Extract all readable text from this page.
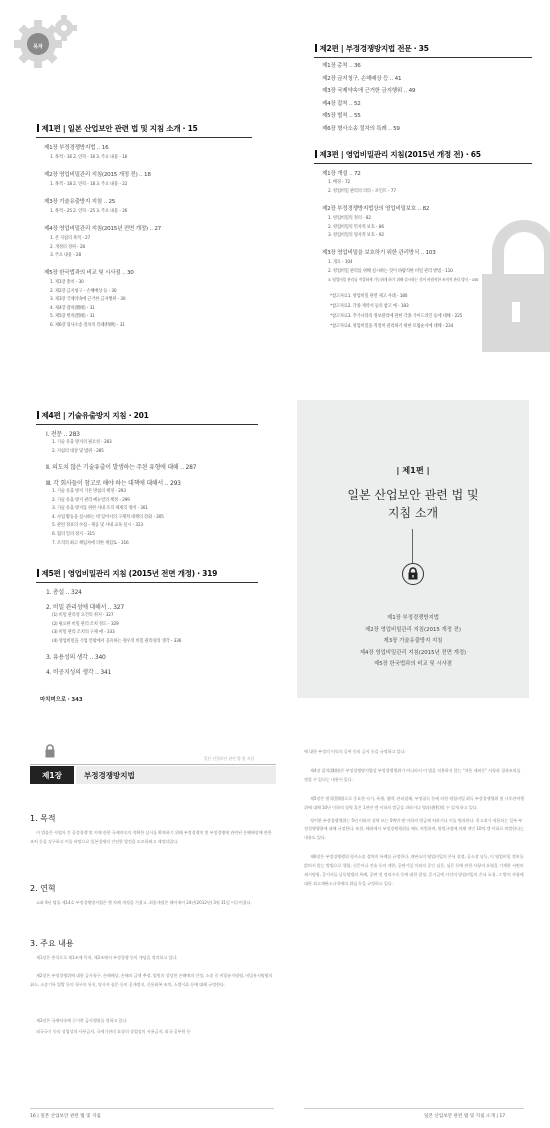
목차
제1편 | 일본 산업보안 관련 법 및 지침 소개・15
제1장 부정경쟁방지법 ‥ 16
1. 목적・16 2. 연혁・16 3. 주요 내용・16
제2장 영업비밀관리 지침(2015 개정 전) ‥ 18
1. 목적・18 2. 연혁・18 3. 주요 내용・22
제3장 기술유출방지 지침 ‥ 25
1. 목적・25 2. 연혁・25 3. 주요 내용・26
제4장 영업비밀관리 지침(2015년 전면 개정) ‥ 27
1. 본 지침의 목적・27
2. 개정의 경위・28
3. 주요 내용・28
제5장 한국법과의 비교 및 시사점 ‥ 30
1. 제1장 총칙・30
2. 제2장 금지청구・손해배상 등・30
3. 제3장 국제약속에 근거한 금지행위・30
4. 제4장 잡칙(雜則)・31
5. 제5장 벌칙(罰則)・31
6. 제6장 형사소송 절차의 특례(特例)・31
제2편 | 부정경쟁방지법 전문・35
제1장 총칙 ‥ 36
제2장 금지청구, 손해배상 등 ‥ 41
제3장 국제약속에 근거한 금지행위 ‥ 49
제4장 잡칙 ‥ 52
제5장 벌칙 ‥ 55
제6장 형사소송 절차의 특례 ‥ 59
제3편 | 영업비밀관리 지침(2015년 개정 전)・65
제1장 개설 ‥ 72
1. 배경・72
2. 영업비밀 관리의 의의・포인트・77
제2장 부정경쟁방지법상의 영업비밀보호 ‥ 82
1. 영업비밀의 정의・82
2. 영업비밀의 민사적 보호・86
3. 영업비밀의 형사적 보호・92
제3장 영업비밀을 보호하기 위한 관리방식 ‥ 103
1. 개요・104
2. 영업비밀 관리를 위해 실시하는 것이 바람직한 비밀 관리 방법・110
3. 영업비밀 관리를 적절하게 기능하게 하기 위해 실시하는 것이 바람직한 조직적 관리 방식・155
*참고자료1. 영업비밀 관련 제고 사례・180
*참고자료2. 각종 계약서 등의 참고 예・183
*참고자료3. 추가나라의 정보관리에 관한 각종 가이드라인 등에 대해・225
*참고자료4. 영업비밀을 적절히 관리하기 위한 모범순서에 대해・234
제4편 | 기술유출방지 지침・201
Ⅰ. 전문 ‥ 283
1. 기술 유출 방지의 필요성・283
2. 지침의 대상 및 범위・285
Ⅱ. 의도치 않은 기술유출이 발생하는 주된 유형에 대해 ‥ 287
Ⅲ. 각 회사들이 참고로 해야 하는 대책에 대해서 ‥ 293
1. 기술 유출 방지 기본 방침의 책정・293
2. 기술 유출 방지 관리 메뉴얼의 책정・299
3. 기술 유출 방지를 위한 사내 조직 체제의 정비・301
4. 사업 활동을 실시하는 데 있어서의 구체적 대책의 강화・305
5. 관련 정보의 수집・제공 및 사내 교육 실시・313
6. 협의 일의 정지・315
7. 조직의 최고 책임자에 의한 재검토・316
제5편 | 영업비밀관리 지침 (2015년 전면 개정)・319
1. 총설 ‥ 324
2. 비밀 관리성에 대해서 ‥ 327
(1) 비밀 관리성 요건의 취지・327
(2) 필요한 비밀 관리 조치 정도・329
(3) 비밀 관리 조치의 구체 예・333
(4) 영업비밀을 기업 안팎에서 공유하는 경우의 비밀 관리성의 생각・336
3. 유용성의 생각 ‥ 340
4. 비공지성의 생각 ‥ 341
마치며으로・343
| 제1편 |
일본 산업보안 관련 법 및
지침 소개
제1장 부정경쟁방지법
제2장 영업비밀관리 지침(2015 개정 전)
제3장 기술유출방지 지침
제4장 영업비밀관리 지침(2015년 전면 개정)
제5장 한국법과의 비교 및 시사점
일본 산업보안 관련 법 및 지침
제1장	부정경쟁방지법
1. 목적
이 법률은 사업자 간 공정경쟁 및 이에 관한 국제약속의 적확한 실시를 확보하기 위해 부정경쟁의 및 부정경쟁에 관련된 손해배상에 관한 조치 등을 강구하고 이를 바탕으로 일본경제의 건전한 발전을 도모하려고 제정되었다.
2. 연혁
쇼와 9년 법률 제14호 부정경쟁방지법은 몇 차례 개정을 거쳤고, 최종개정은 헤이세이 24년(2012년) 3월 31일 이루어졌다.
3. 주요 내용
제1장은 총칙으로 제1조에 목적, 제2조에서 부정경쟁 등의 개념을 정의하고 있다.
제2장은 부정경쟁위에 대한 금지청구, 손해배상, 손해의 금액 추정, 법원의 상당한 손해액의 인정, 소송 중 비밀유지명령, 비밀유지명령의 취소, 소송기록 열람 등의 청구의 통지, 당사자 심문 등의 공개정지, 신용회복 조치, 소멸시효 등에 대해 규정한다.
제3장은 국제약속에 근거한 금지행위를 정하고 있다.
외국국기 등의 상업상의 사용금지, 국제기관의 표장의 상업상의 사용금지, 외국 공무원 등
에 대한 부정의 이익의 공여 등의 금지 등을 규정하고 있다.
제4장 잡칙(雜則)은 부정경쟁방지법상 부정경쟁행위가 아니라서 이 법을 적용하지 않는 "적용 제외등" 사항과 경과조치를 정할 수 있다는 내용이 있다.
제5장은 벌칙(罰則)으로 중요한 사기, 폭행, 협박, 관리침해, 부정침득 등에 의한 영업비밀 취득 부정경쟁행위 및 사후관여행위에 대해 10년 이하의 징역 혹은 1천만 엔 이하의 벌금을 과하거나 병과(倂科)할 수 있게 하고 있다.
정이한 부정경쟁행위는 5년 이하의 징역 또는 5백만 엔 이하의 벌금에 처하거나 이를 병과한다. 친고죄가 적용되는 일부 부정경쟁행위에 대해 규정한다. 또한, 해외에서 부정경쟁행위를 해도 처벌하며, 양벌규정에 의해 개인 10억 엔 이하로 처벌한다는 내용도 있다.
제6장은 부정경쟁행위 형사소송 절차의 특례를 규정한다. 재판소의 영업비밀의 은닉 결정, 공소장 낭독, 이 영업비밀 정보를 밝히지 않는 방법으로 행함, 신문이나 진술 등의 제한, 공판기일 이외의 증인 심문, 심문 등에 관한 사항의 요령을 기재한 서면의 제시명령, 증거서류 낭독방법의 특례, 공판 전 정리수속 등에 대한 결정, 증거금액 사건의 영업비밀의 은닉 요청, 그 밖의 사항에 대한 최고재판소규칙에의 위임 등을 규정하고 있다.
16 | 일본 산업보안 관련 법 및 지침	일본 산업보안 관련 법 및 지침 소개 | 17
